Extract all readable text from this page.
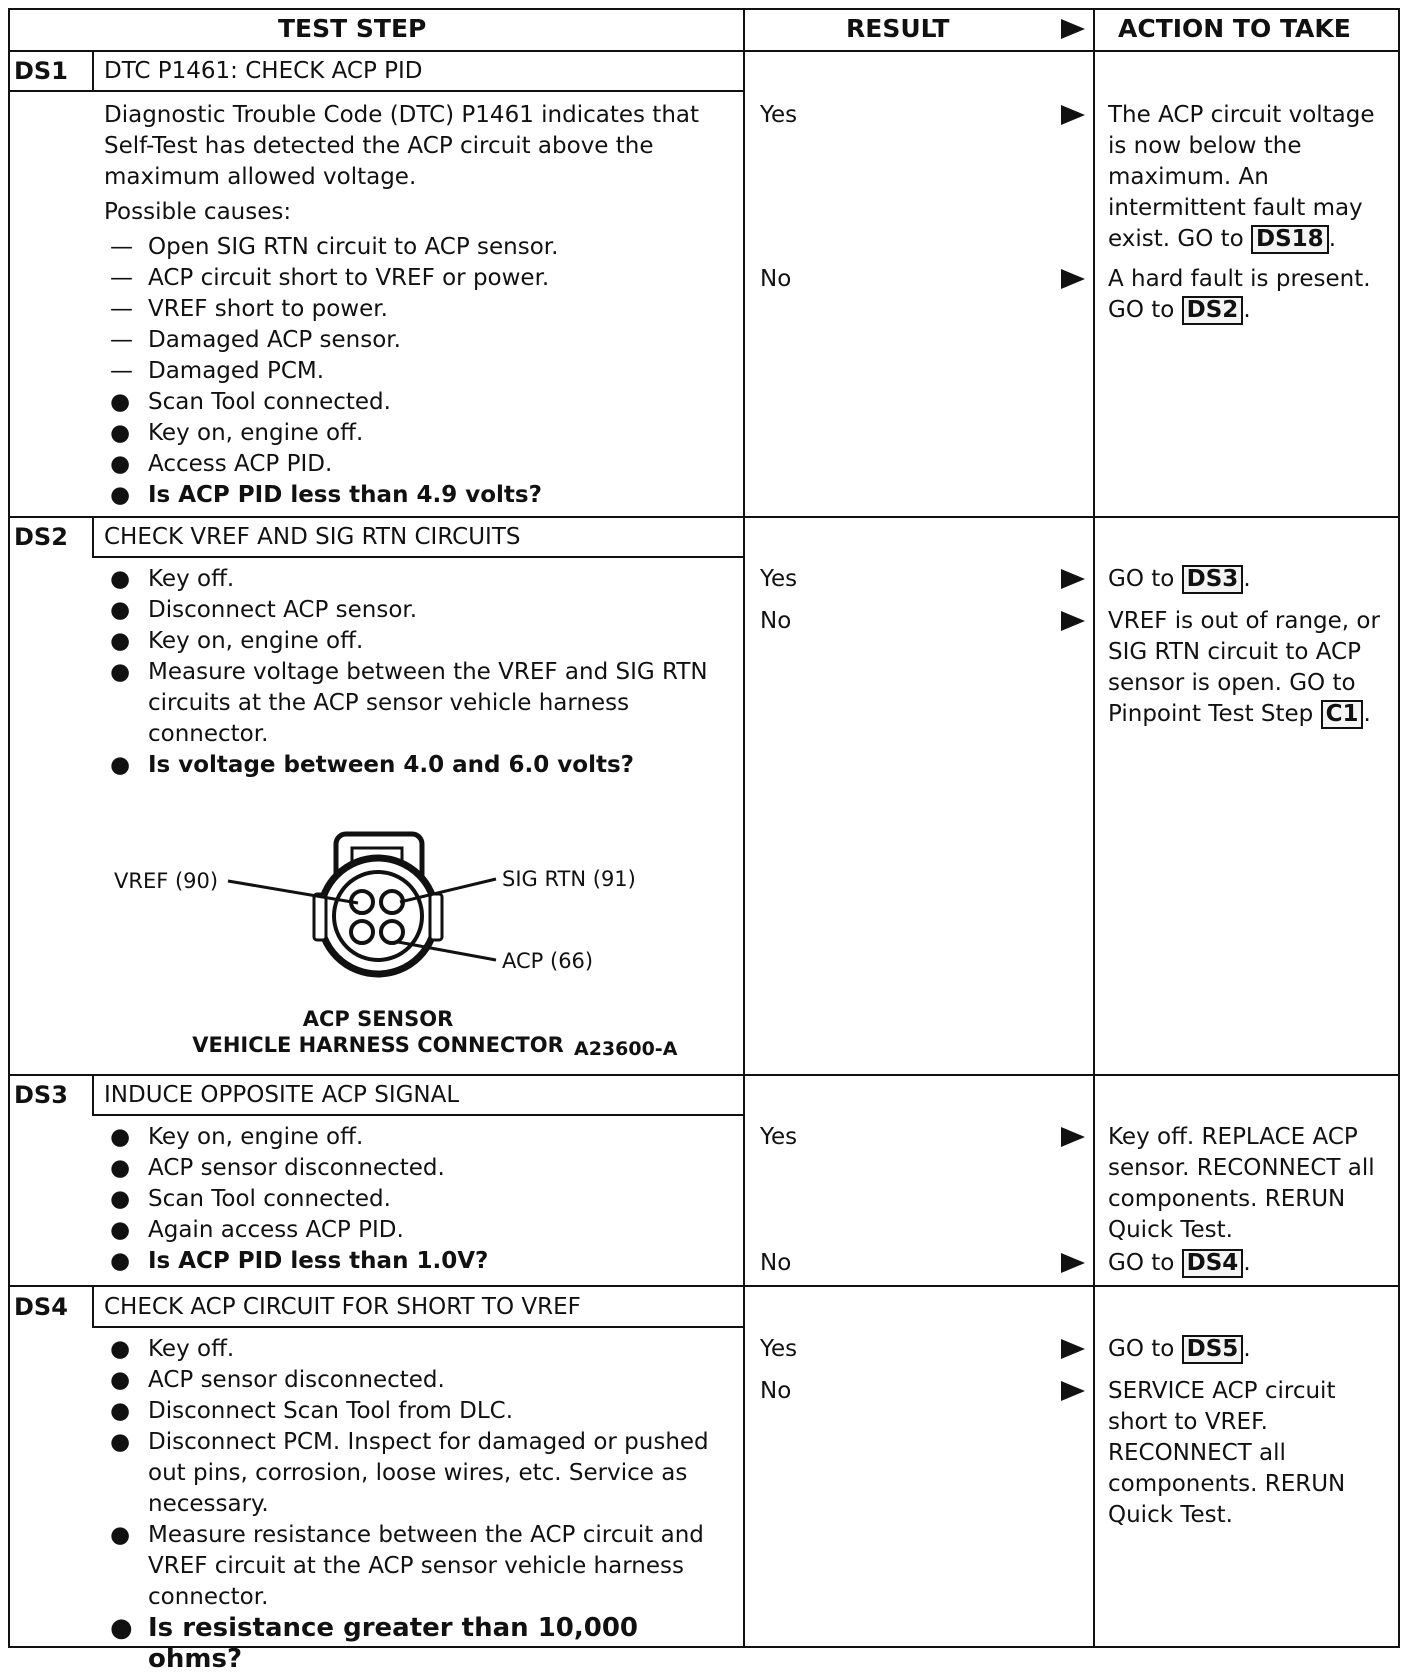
TEST STEP	RESULT	ACTION TO TAKE
DS1 DTC P1461: CHECK ACP PID

Diagnostic Trouble Code (DTC) P1461 indicates that Self-Test has detected the ACP circuit above the maximum allowed voltage.

Possible causes:

— Open SIG RTN circuit to ACP sensor.
— ACP circuit short to VREF or power.
— VREF short to power.
— Damaged ACP sensor.
— Damaged PCM.
● Scan Tool connected.
● Key on, engine off.
● Access ACP PID.
● Is ACP PID less than 4.9 volts?
Yes	The ACP circuit voltage is now below the maximum. An intermittent fault may exist. GO to DS18 .
No	A hard fault is present. GO to DS2 .
DS2 CHECK VREF AND SIG RTN CIRCUITS
● Key off.
● Disconnect ACP sensor.
● Key on, engine off.
● Measure voltage between the VREF and SIG RTN circuits at the ACP sensor vehicle harness connector.
● Is voltage between 4.0 and 6.0 volts?
VREF (90)	SIG RTN (91)
ACP (66)
ACP SENSOR
VEHICLE HARNESS CONNECTOR A23600-A
Yes	GO to DS3 .
No	VREF is out of range, or SIG RTN circuit to ACP sensor is open. GO to Pinpoint Test Step C1 .
DS3 INDUCE OPPOSITE ACP SIGNAL
● Key on, engine off.
● ACP sensor disconnected.
● Scan Tool connected.
● Again access ACP PID.
● Is ACP PID less than 1.0V?
Yes	Key off. REPLACE ACP sensor. RECONNECT all components. RERUN Quick Test.
No	GO to DS4 .
DS4 CHECK ACP CIRCUIT FOR SHORT TO VREF
● Key off.
● ACP sensor disconnected.
● Disconnect Scan Tool from DLC.
● Disconnect PCM. Inspect for damaged or pushed out pins, corrosion, loose wires, etc. Service as necessary.
● Measure resistance between the ACP circuit and VREF circuit at the ACP sensor vehicle harness connector.
● Is resistance greater than 10,000 ohms?
Yes	GO to DS5 .
No	SERVICE ACP circuit short to VREF. RECONNECT all components. RERUN Quick Test.
